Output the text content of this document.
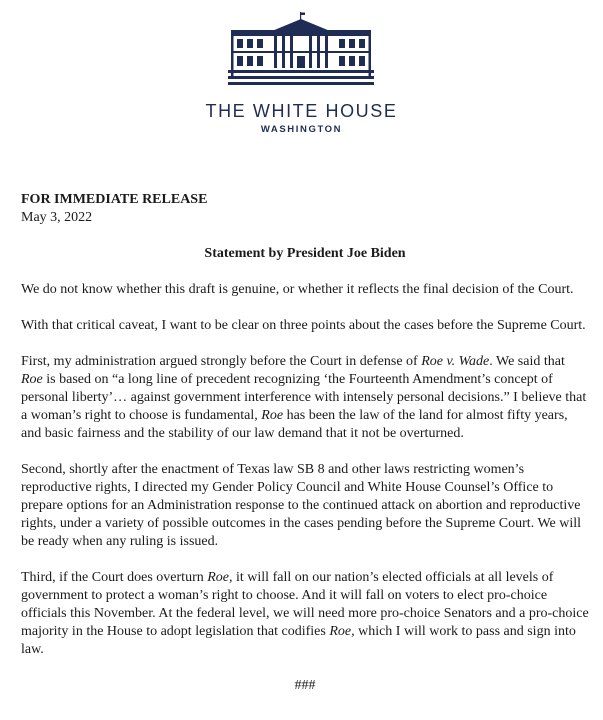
THE WHITE HOUSE
WASHINGTON

FOR IMMEDIATE RELEASE

May 3, 2022

Statement by President Joe Biden

We do not know whether this draft is genuine, or whether it reflects the final decision of the Court.

With that critical caveat, I want to be clear on three points about the cases before the Supreme Court.

First, my administration argued strongly before the Court in defense of Roe v. Wade. We said that Roe is based on “a long line of precedent recognizing ‘the Fourteenth Amendment’s concept of personal liberty’… against government interference with intensely personal decisions.” I believe that a woman’s right to choose is fundamental, Roe has been the law of the land for almost fifty years, and basic fairness and the stability of our law demand that it not be overturned.

Second, shortly after the enactment of Texas law SB 8 and other laws restricting women’s reproductive rights, I directed my Gender Policy Council and White House Counsel’s Office to prepare options for an Administration response to the continued attack on abortion and reproductive rights, under a variety of possible outcomes in the cases pending before the Supreme Court. We will be ready when any ruling is issued.

Third, if the Court does overturn Roe, it will fall on our nation’s elected officials at all levels of government to protect a woman’s right to choose. And it will fall on voters to elect pro-choice officials this November. At the federal level, we will need more pro-choice Senators and a pro-choice majority in the House to adopt legislation that codifies Roe, which I will work to pass and sign into law.

###
